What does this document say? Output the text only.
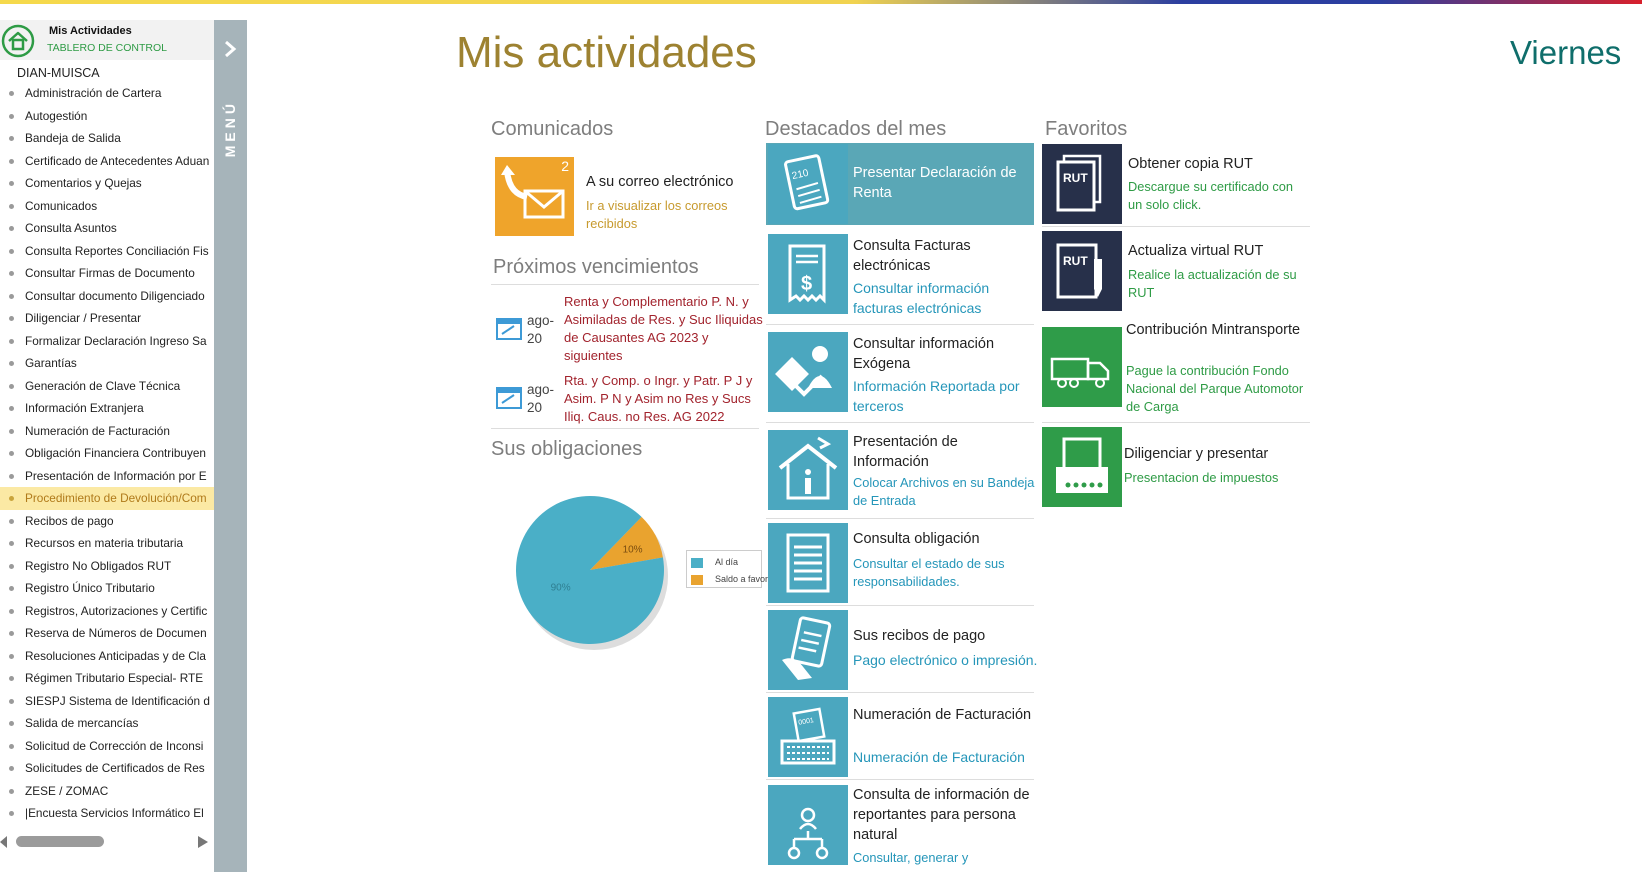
Mis Actividades
TABLERO DE CONTROL
DIAN-MUISCA
Administración de Cartera
Autogestión
Bandeja de Salida
Certificado de Antecedentes Aduan
Comentarios y Quejas
Comunicados
Consulta Asuntos
Consulta Reportes Conciliación Fis
Consultar Firmas de Documento
Consultar documento Diligenciado
Diligenciar / Presentar
Formalizar Declaración Ingreso Sa
Garantías
Generación de Clave Técnica
Información Extranjera
Numeración de Facturación
Obligación Financiera Contribuyen
Presentación de Información por E
Procedimiento de Devolución/Com
Recibos de pago
Recursos en materia tributaria
Registro No Obligados RUT
Registro Único Tributario
Registros, Autorizaciones y Certific
Reserva de Números de Documen
Resoluciones Anticipadas y de Cla
Régimen Tributario Especial- RTE
SIESPJ Sistema de Identificación d
Salida de mercancías
Solicitud de Corrección de Inconsi
Solicitudes de Certificados de Res
ZESE / ZOMAC
|Encuesta Servicios Informático El
MENÚ
Mis actividades	Viernes
Comunicados
2
A su correo electrónico
Ir a visualizar los correos recibidos
Próximos vencimientos
ago-20
Renta y Complementario P. N. y Asimiladas de Res. y Suc Iliquidas de Causantes AG 2023 y siguientes
ago-20
Rta. y Comp. o Ingr. y Patr. P J y Asim. P N y Asim no Res y Sucs Iliq. Caus. no Res. AG 2022
Sus obligaciones
10%
90%
Al día
Saldo a favor
Destacados del mes
210	Presentar Declaración de Renta
$
Consulta Facturas electrónicas
Consultar información facturas electrónicas
Consultar información Exógena
Información Reportada por terceros
Presentación de Información
Colocar Archivos en su Bandeja de Entrada
Consulta obligación
Consultar el estado de sus responsabilidades.
Sus recibos de pago
Pago electrónico o impresión.
0001	Numeración de Facturación
Numeración de Facturación
Consulta de información de reportantes para persona natural
Consultar, generar y
Favoritos
RUT
Obtener copia RUT
Descargue su certificado con un solo click.
RUT
Actualiza virtual RUT
Realice la actualización de su RUT
Contribución Mintransporte
Pague la contribución Fondo Nacional del Parque Automotor de Carga
Diligenciar y presentar
Presentacion de impuestos
